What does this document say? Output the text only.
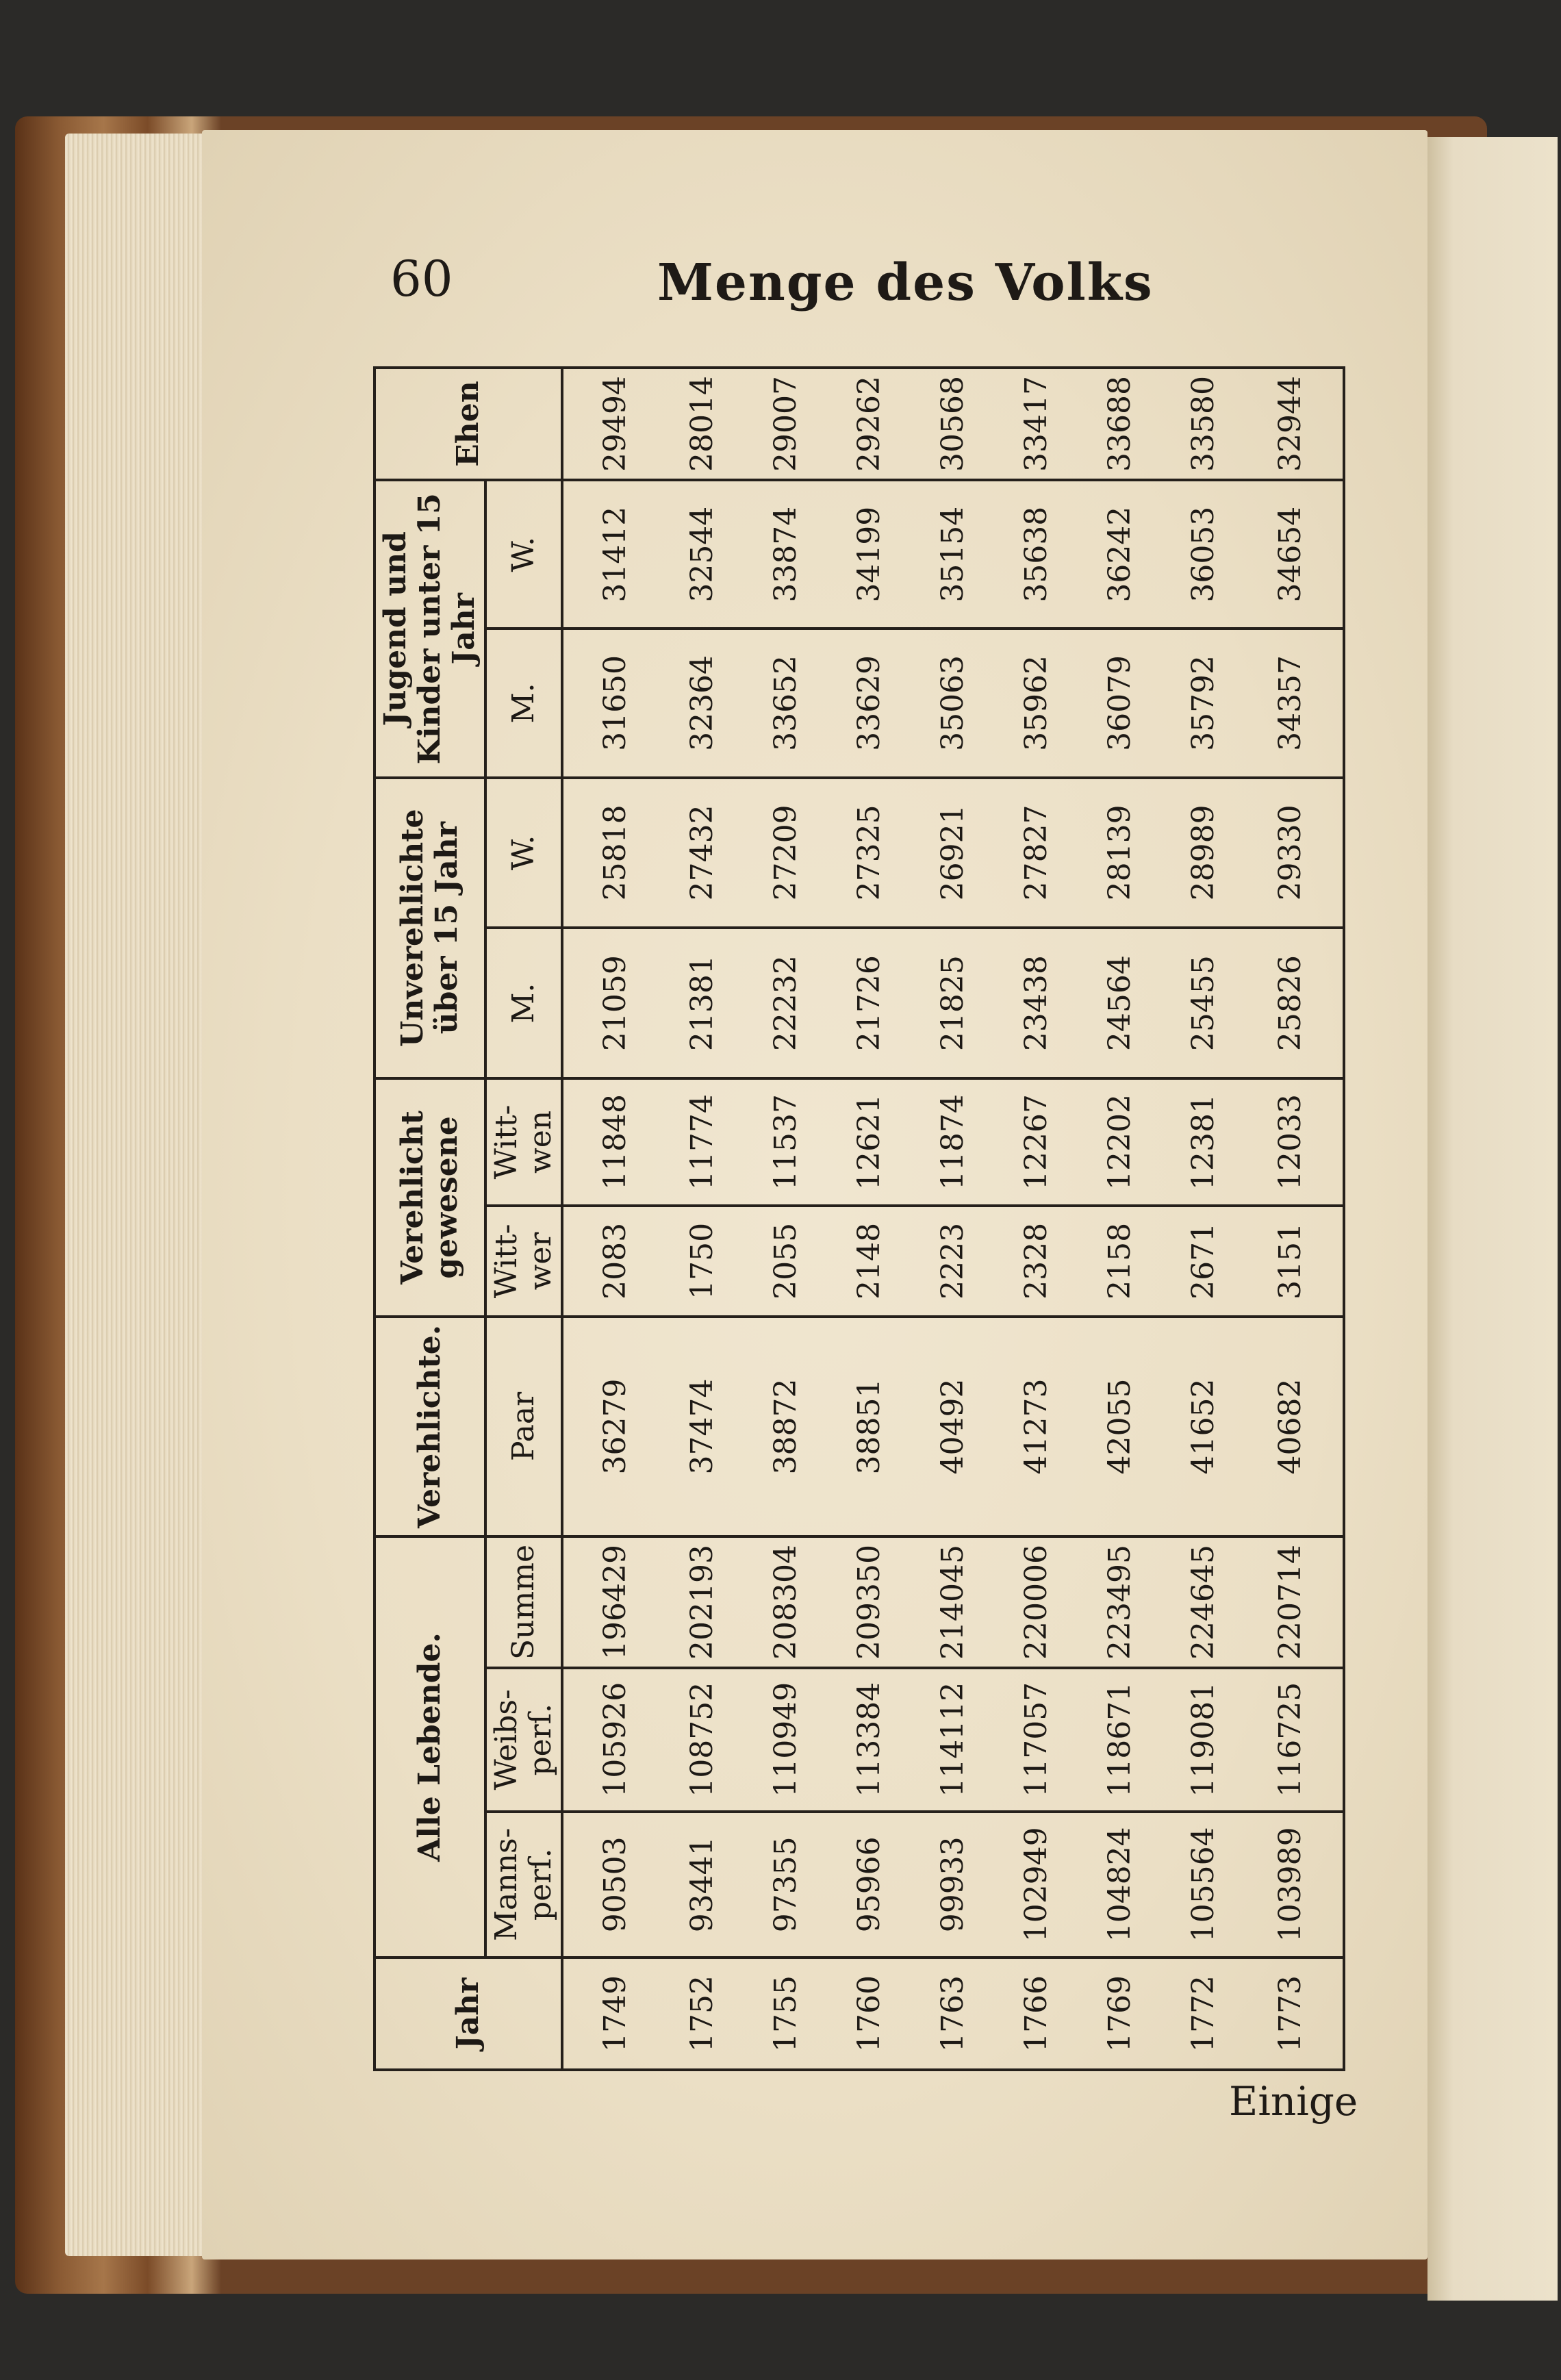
60	Menge des Volks
Jahr	Alle Lebende.			Verehlichte.	Verehlicht gewesene		Unverehlichte über 15 Jahr		Jugend und Kinder unter 15 Jahr		Ehen
	Manns-perſ.	Weibs-perſ.	Summe	Paar	Witt-wer	Witt-wen	M.	W.	M.	W.	
1749	90503	105926	196429	36279	2083	11848	21059	25818	31650	31412	29494
1752	93441	108752	202193	37474	1750	11774	21381	27432	32364	32544	28014
1755	97355	110949	208304	38872	2055	11537	22232	27209	33652	33874	29007
1760	95966	113384	209350	38851	2148	12621	21726	27325	33629	34199	29262
1763	99933	114112	214045	40492	2223	11874	21825	26921	35063	35154	30568
1766	102949	117057	220006	41273	2328	12267	23438	27827	35962	35638	33417
1769	104824	118671	223495	42055	2158	12202	24564	28139	36079	36242	33688
1772	105564	119081	224645	41652	2671	12381	25455	28989	35792	36053	33580
1773	103989	116725	220714	40682	3151	12033	25826	29330	34357	34654	32944
Einige
